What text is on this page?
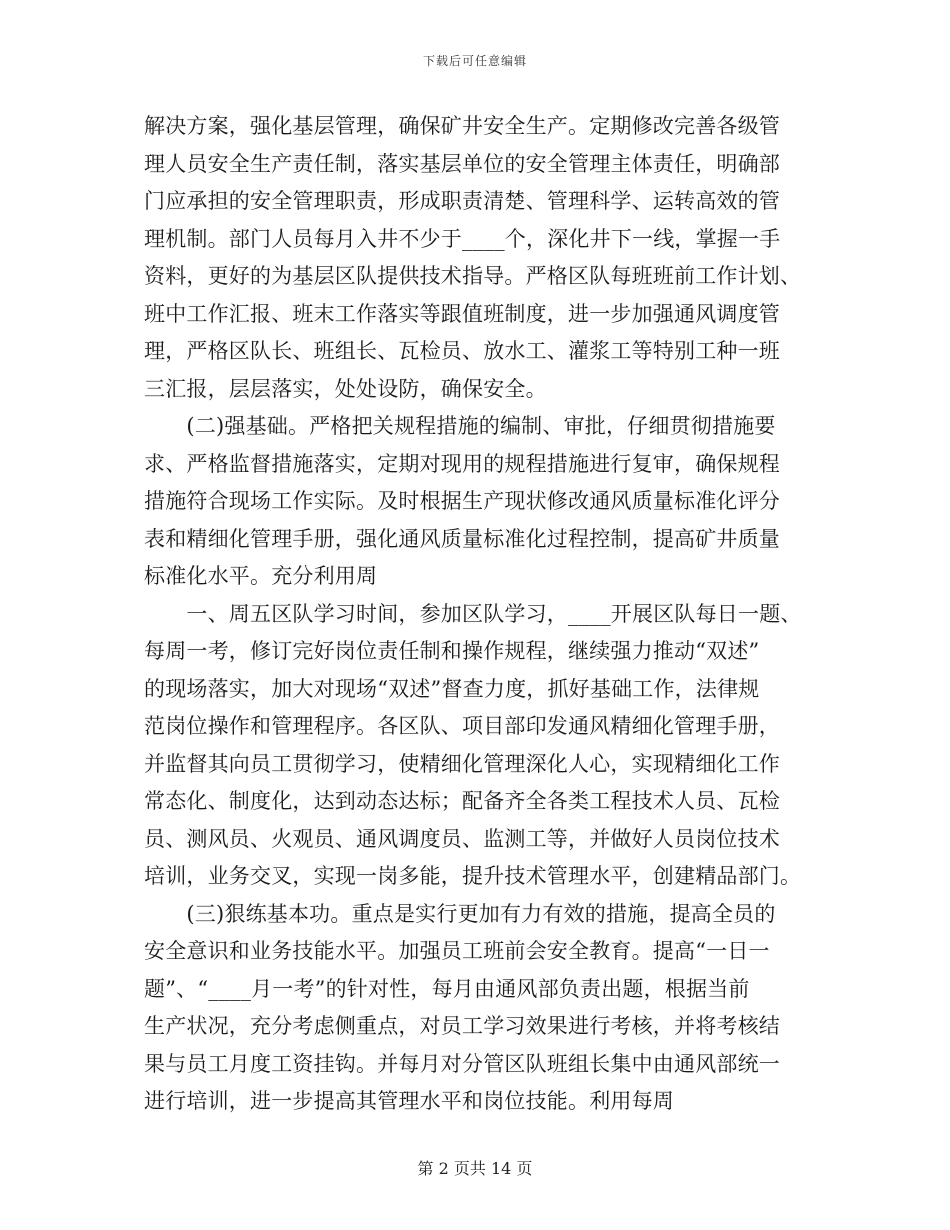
下载后可任意编辑
解决方案，强化基层管理，确保矿井安全生产。定期修改完善各级管
理人员安全生产责任制，落实基层单位的安全管理主体责任，明确部
门应承担的安全管理职责，形成职责清楚、管理科学、运转高效的管
理机制。部门人员每月入井不少于____个，深化井下一线，掌握一手
资料，更好的为基层区队提供技术指导。严格区队每班班前工作计划、
班中工作汇报、班末工作落实等跟值班制度，进一步加强通风调度管
理，严格区队长、班组长、瓦检员、放水工、灌浆工等特别工种一班
三汇报，层层落实，处处设防，确保安全。
　　(二)强基础。严格把关规程措施的编制、审批，仔细贯彻措施要
求、严格监督措施落实，定期对现用的规程措施进行复审，确保规程
措施符合现场工作实际。及时根据生产现状修改通风质量标准化评分
表和精细化管理手册，强化通风质量标准化过程控制，提高矿井质量
标准化水平。充分利用周
　　一、周五区队学习时间，参加区队学习，____开展区队每日一题、
每周一考，修订完好岗位责任制和操作规程，继续强力推动“双述”
的现场落实，加大对现场“双述”督查力度，抓好基础工作，法律规
范岗位操作和管理程序。各区队、项目部印发通风精细化管理手册，
并监督其向员工贯彻学习，使精细化管理深化人心，实现精细化工作
常态化、制度化，达到动态达标；配备齐全各类工程技术人员、瓦检
员、测风员、火观员、通风调度员、监测工等，并做好人员岗位技术
培训，业务交叉，实现一岗多能，提升技术管理水平，创建精品部门。
　　(三)狠练基本功。重点是实行更加有力有效的措施，提高全员的
安全意识和业务技能水平。加强员工班前会安全教育。提高“一日一
题”、“____月一考”的针对性，每月由通风部负责出题，根据当前
生产状况，充分考虑侧重点，对员工学习效果进行考核，并将考核结
果与员工月度工资挂钩。并每月对分管区队班组长集中由通风部统一
进行培训，进一步提高其管理水平和岗位技能。利用每周
第 2 页共 14 页
